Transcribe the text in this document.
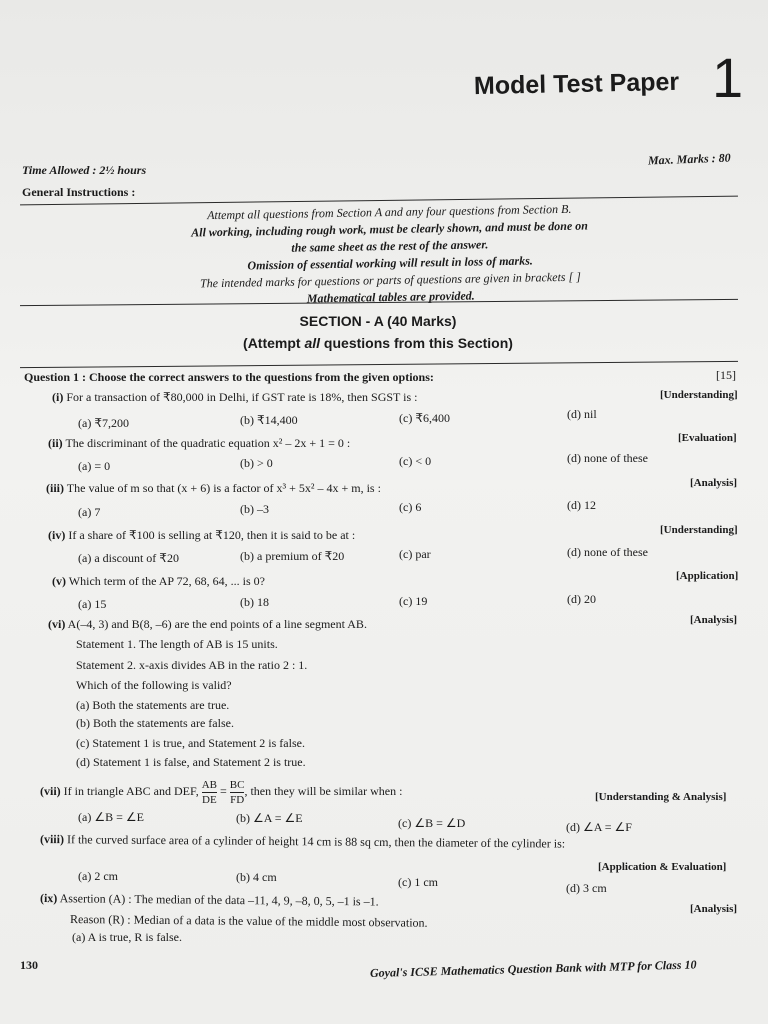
Model Test Paper 1
Time Allowed : 2½ hours
Max. Marks : 80
General Instructions :
Attempt all questions from Section A and any four questions from Section B.
All working, including rough work, must be clearly shown, and must be done on
the same sheet as the rest of the answer.
Omission of essential working will result in loss of marks.
The intended marks for questions or parts of questions are given in brackets [ ]
Mathematical tables are provided.
SECTION - A (40 Marks)
(Attempt all questions from this Section)
Question 1 : Choose the correct answers to the questions from the given options:	[15]
(i) For a transaction of ₹80,000 in Delhi, if GST rate is 18%, then SGST is :	[Understanding]
(a) ₹7,200	(b) ₹14,400	(c) ₹6,400	(d) nil
(ii) The discriminant of the quadratic equation x² – 2x + 1 = 0 :	[Evaluation]
(a) = 0	(b) > 0	(c) < 0	(d) none of these
(iii) The value of m so that (x + 6) is a factor of x³ + 5x² – 4x + m, is :	[Analysis]
(a) 7	(b) –3	(c) 6	(d) 12
(iv) If a share of ₹100 is selling at ₹120, then it is said to be at :	[Understanding]
(a) a discount of ₹20	(b) a premium of ₹20	(c) par	(d) none of these
(v) Which term of the AP 72, 68, 64, ... is 0?	[Application]
(a) 15	(b) 18	(c) 19	(d) 20
(vi) A(–4, 3) and B(8, –6) are the end points of a line segment AB.	[Analysis]
Statement 1. The length of AB is 15 units.
Statement 2. x-axis divides AB in the ratio 2 : 1.
Which of the following is valid?
(a) Both the statements are true.
(b) Both the statements are false.
(c) Statement 1 is true, and Statement 2 is false.
(d) Statement 1 is false, and Statement 2 is true.
(vii) If in triangle ABC and DEF, $\frac{AB}{DE} = \frac{BC}{FD}$ , then they will be similar when :	[Understanding & Analysis]
(a) ∠B = ∠E	(b) ∠A = ∠E	(c) ∠B = ∠D	(d) ∠A = ∠F
(viii) If the curved surface area of a cylinder of height 14 cm is 88 sq cm, then the diameter of the cylinder is:
[Application & Evaluation]
(a) 2 cm	(b) 4 cm	(c) 1 cm	(d) 3 cm
(ix) Assertion (A) : The median of the data –11, 4, 9, –8, 0, 5, –1 is –1.
[Analysis]
Reason (R) : Median of a data is the value of the middle most observation.
(a) A is true, R is false.
130	Goyal's ICSE Mathematics Question Bank with MTP for Class 10
